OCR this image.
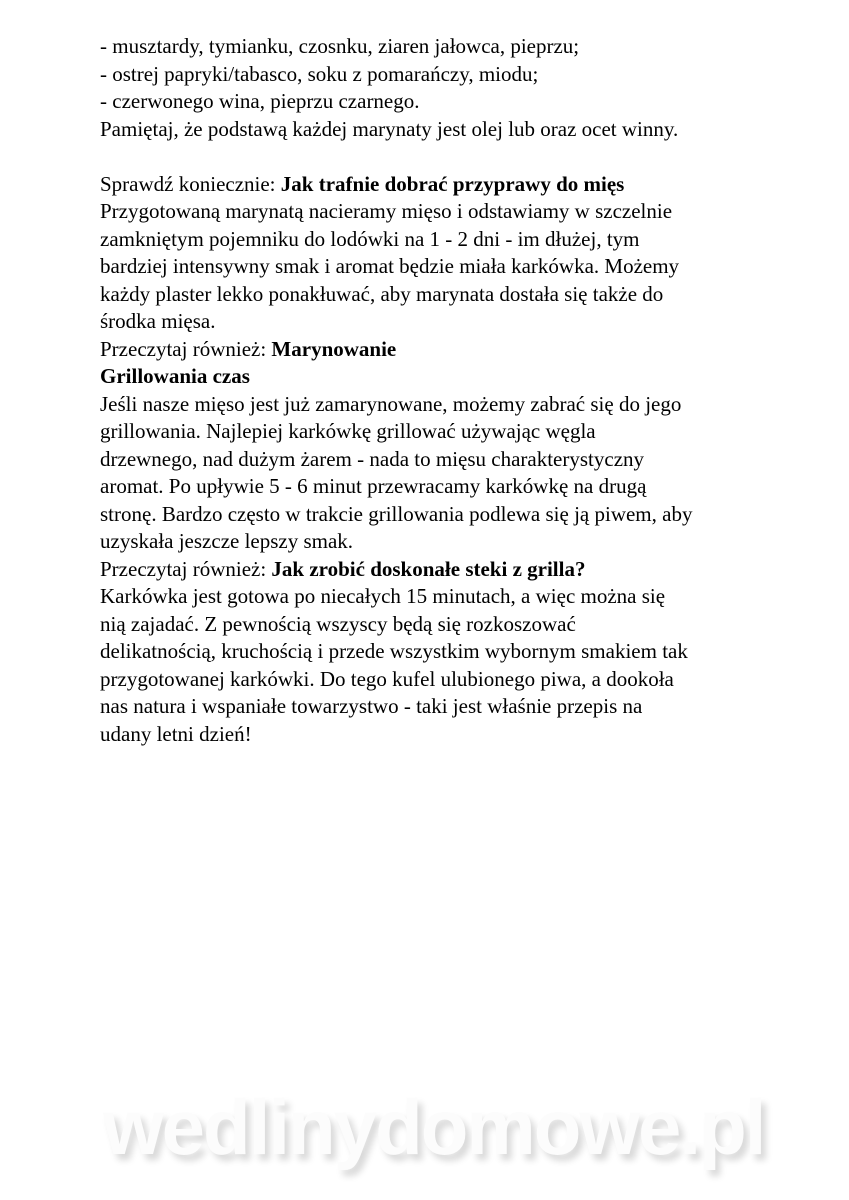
- musztardy, tymianku, czosnku, ziaren jałowca, pieprzu;
- ostrej papryki/tabasco, soku z pomarańczy, miodu;
- czerwonego wina, pieprzu czarnego.
Pamiętaj, że podstawą każdej marynaty jest olej lub oraz ocet winny.

Sprawdź koniecznie: Jak trafnie dobrać przyprawy do mięs
Przygotowaną marynatą nacieramy mięso i odstawiamy w szczelnie
zamkniętym pojemniku do lodówki na 1 - 2 dni - im dłużej, tym
bardziej intensywny smak i aromat będzie miała karkówka. Możemy
każdy plaster lekko ponakłuwać, aby marynata dostała się także do
środka mięsa.
Przeczytaj również: Marynowanie
Grillowania czas
Jeśli nasze mięso jest już zamarynowane, możemy zabrać się do jego
grillowania. Najlepiej karkówkę grillować używając węgla
drzewnego, nad dużym żarem - nada to mięsu charakterystyczny
aromat. Po upływie 5 - 6 minut przewracamy karkówkę na drugą
stronę. Bardzo często w trakcie grillowania podlewa się ją piwem, aby
uzyskała jeszcze lepszy smak.
Przeczytaj również: Jak zrobić doskonałe steki z grilla?
Karkówka jest gotowa po niecałych 15 minutach, a więc można się
nią zajadać. Z pewnością wszyscy będą się rozkoszować
delikatnością, kruchością i przede wszystkim wybornym smakiem tak
przygotowanej karkówki. Do tego kufel ulubionego piwa, a dookoła
nas natura i wspaniałe towarzystwo - taki jest właśnie przepis na
udany letni dzień!
wedlinydomowe.pl
